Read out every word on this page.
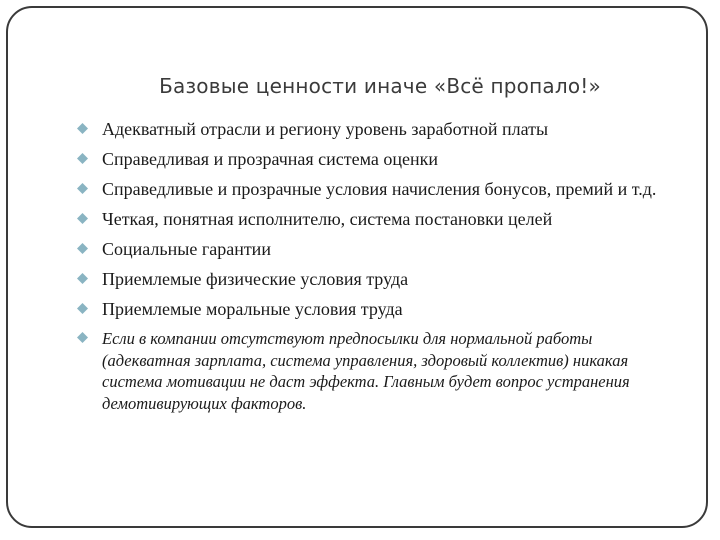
Базовые ценности иначе «Всё пропало!»
Адекватный отрасли и региону уровень заработной платы
Справедливая и прозрачная система оценки
Справедливые и прозрачные условия начисления бонусов, премий и т.д.
Четкая, понятная исполнителю, система постановки целей
Социальные гарантии
Приемлемые физические условия труда
Приемлемые моральные условия труда
Если в компании отсутствуют предпосылки для нормальной работы (адекватная зарплата, система управления, здоровый коллектив) никакая система мотивации не даст эффекта. Главным будет вопрос устранения демотивирующих факторов.
